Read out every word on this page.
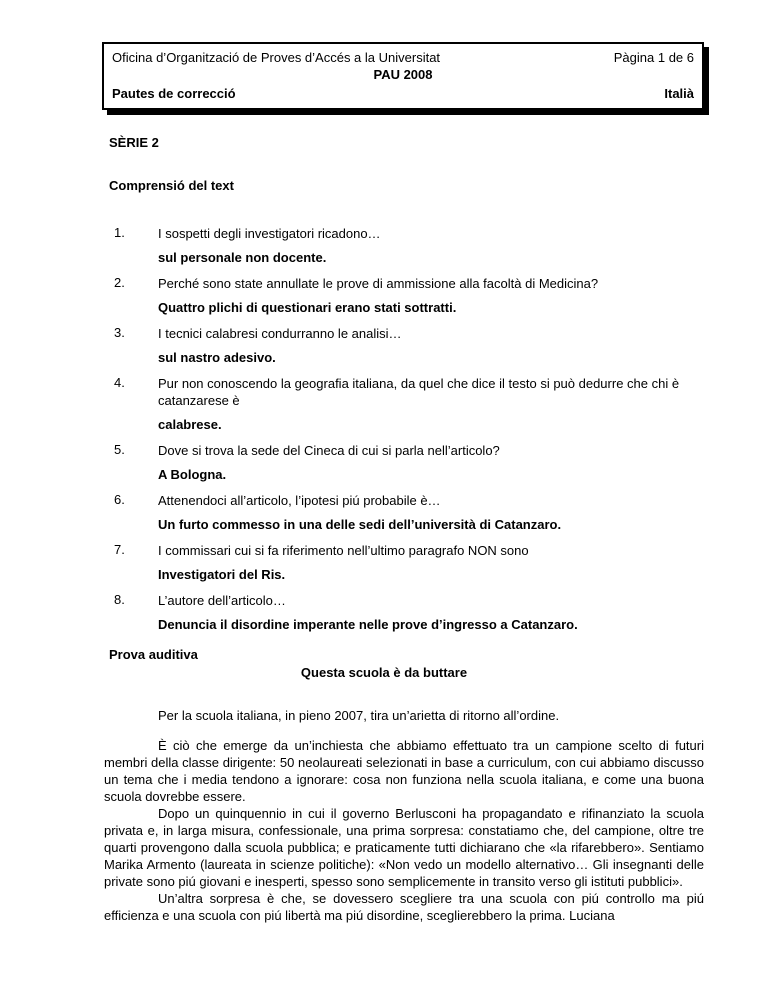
Oficina d’Organització de Proves d’Accés a la Universitat	Pàgina 1 de 6
PAU 2008
Pautes de correcció	Italià
SÈRIE 2
Comprensió del text
1.	I sospetti degli investigatori ricadono…
sul personale non docente.
2.	Perché sono state annullate le prove di ammissione alla facoltà di Medicina?
Quattro plichi di questionari erano stati sottratti.
3.	I tecnici calabresi condurranno le analisi…
sul nastro adesivo.
4.	Pur non conoscendo la geografia italiana, da quel che dice il testo si può dedurre che chi è catanzarese è
calabrese.
5.	Dove si trova la sede del Cineca di cui si parla nell’articolo?
A Bologna.
6.	Attenendoci all’articolo, l’ipotesi piú probabile è…
Un furto commesso in una delle sedi dell’università di Catanzaro.
7.	I commissari cui si fa riferimento nell’ultimo paragrafo NON sono
Investigatori del Ris.
8.	L’autore dell’articolo…
Denuncia il disordine imperante nelle prove d’ingresso a Catanzaro.
Prova auditiva
Questa scuola è da buttare
Per la scuola italiana, in pieno 2007, tira un’arietta di ritorno all’ordine.
È ciò che emerge da un’inchiesta che abbiamo effettuato tra un campione scelto di futuri membri della classe dirigente: 50 neolaureati selezionati in base a curriculum, con cui abbiamo discusso un tema che i media tendono a ignorare: cosa non funziona nella scuola italiana, e come una buona scuola dovrebbe essere.
Dopo un quinquennio in cui il governo Berlusconi ha propagandato e rifinanziato la scuola privata e, in larga misura, confessionale, una prima sorpresa: constatiamo che, del campione, oltre tre quarti provengono dalla scuola pubblica; e praticamente tutti dichiarano che «la rifarebbero». Sentiamo Marika Armento (laureata in scienze politiche): «Non vedo un modello alternativo… Gli insegnanti delle private sono piú giovani e inesperti, spesso sono semplicemente in transito verso gli istituti pubblici».
Un’altra sorpresa è che, se dovessero scegliere tra una scuola con piú controllo ma piú efficienza e una scuola con piú libertà ma piú disordine, sceglierebbero la prima. Luciana
